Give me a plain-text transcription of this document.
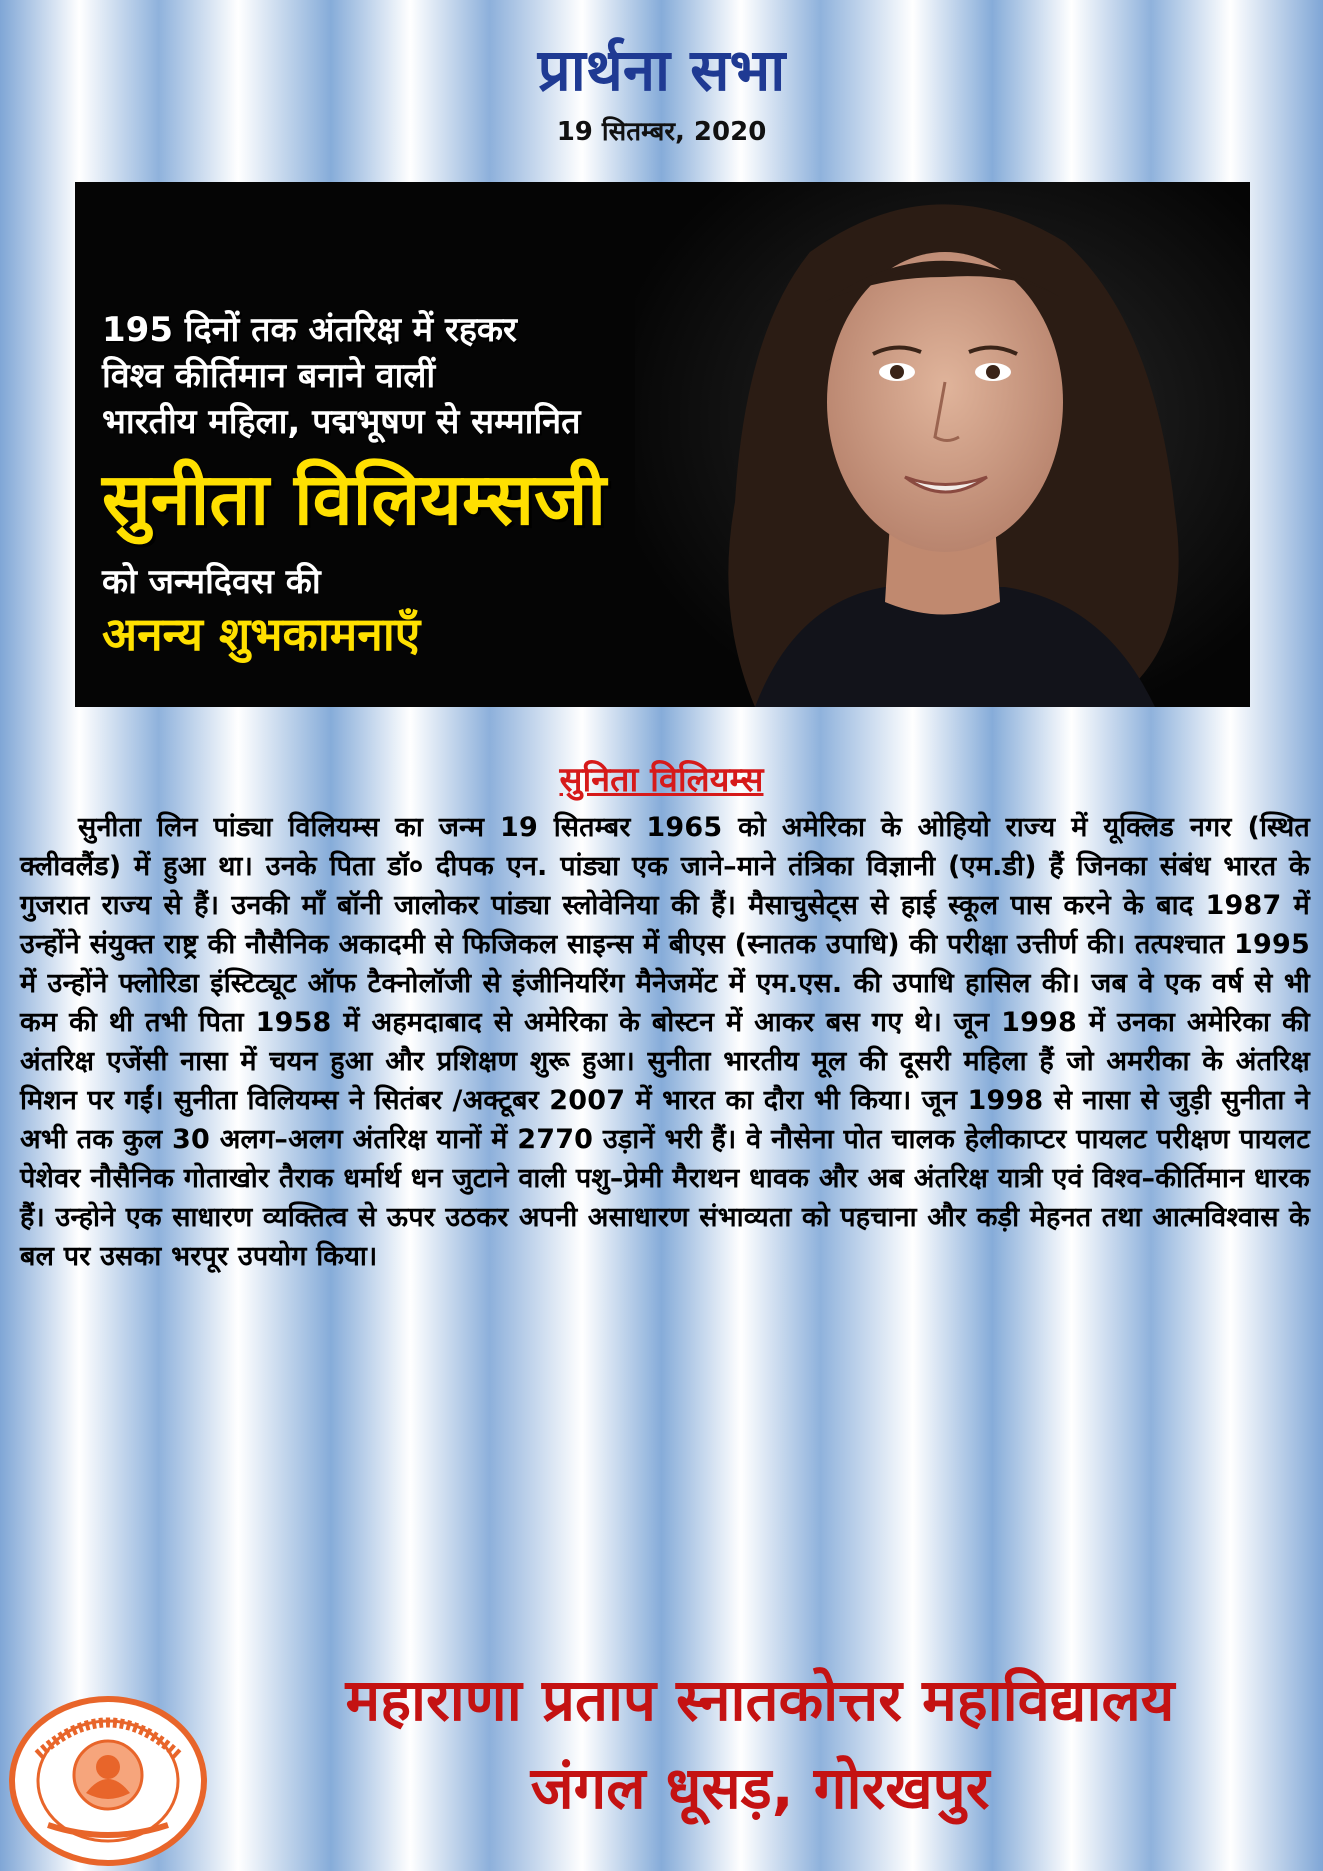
प्रार्थना सभा
19 सितम्बर, 2020
195 दिनों तक अंतरिक्ष में रहकर
विश्व कीर्तिमान बनाने वालीं
भारतीय महिला, पद्मभूषण से सम्मानित
सुनीता विलियम्सजी
को जन्मदिवस की
अनन्य शुभकामनाएँ
सुनिता विलियम्स
सुनीता लिन पांड्या विलियम्स का जन्म 19 सितम्बर 1965 को अमेरिका के ओहियो राज्य में यूक्लिड नगर (स्थित क्लीवलैंड) में हुआ था। उनके पिता डॉ० दीपक एन. पांड्या एक जाने–माने तंत्रिका विज्ञानी (एम.डी) हैं जिनका संबंध भारत के गुजरात राज्य से हैं। उनकी माँ बॉनी जालोकर पांड्या स्लोवेनिया की हैं। मैसाचुसेट्स से हाई स्कूल पास करने के बाद 1987 में उन्होंने संयुक्त राष्ट्र की नौसैनिक अकादमी से फिजिकल साइन्स में बीएस (स्नातक उपाधि) की परीक्षा उत्तीर्ण की। तत्पश्चात 1995 में उन्होंने फ्लोरिडा इंस्टिट्यूट ऑफ टैक्नोलॉजी से इंजीनियरिंग मैनेजमेंट में एम.एस. की उपाधि हासिल की। जब वे एक वर्ष से भी कम की थी तभी पिता 1958 में अहमदाबाद से अमेरिका के बोस्टन में आकर बस गए थे। जून 1998 में उनका अमेरिका की अंतरिक्ष एजेंसी नासा में चयन हुआ और प्रशिक्षण शुरू हुआ। सुनीता भारतीय मूल की दूसरी महिला हैं जो अमरीका के अंतरिक्ष मिशन पर गईं। सुनीता विलियम्स ने सितंबर /अक्टूबर 2007 में भारत का दौरा भी किया। जून 1998 से नासा से जुड़ी सुनीता ने अभी तक कुल 30 अलग–अलग अंतरिक्ष यानों में 2770 उड़ानें भरी हैं। वे नौसेना पोत चालक हेलीकाप्टर पायलट परीक्षण पायलट पेशेवर नौसैनिक गोताखोर तैराक धर्मार्थ धन जुटाने वाली पशु–प्रेमी मैराथन धावक और अब अंतरिक्ष यात्री एवं विश्व–कीर्तिमान धारक हैं। उन्होने एक साधारण व्यक्तित्व से ऊपर उठकर अपनी असाधारण संभाव्यता को पहचाना और कड़ी मेहनत तथा आत्मविश्वास के बल पर उसका भरपूर उपयोग किया।
महाराणा प्रताप स्नातकोत्तर महाविद्यालय
जंगल धूसड़, गोरखपुर
